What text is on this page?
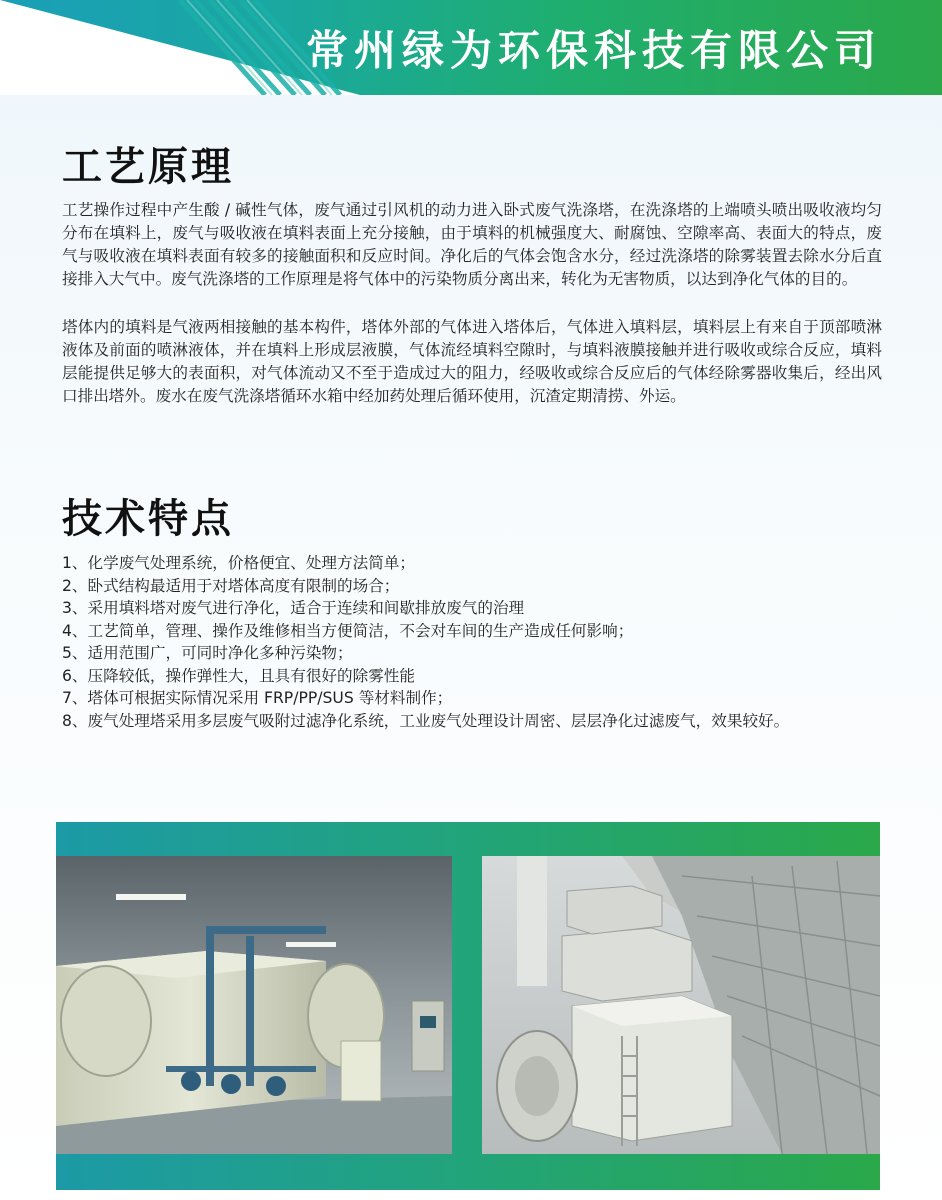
常州绿为环保科技有限公司
工艺原理

工艺操作过程中产生酸 / 碱性气体，废气通过引风机的动力进入卧式废气洗涤塔，在洗涤塔的上端喷头喷出吸收液均匀分布在填料上，废气与吸收液在填料表面上充分接触，由于填料的机械强度大、耐腐蚀、空隙率高、表面大的特点，废气与吸收液在填料表面有较多的接触面积和反应时间。净化后的气体会饱含水分，经过洗涤塔的除雾装置去除水分后直接排入大气中。废气洗涤塔的工作原理是将气体中的污染物质分离出来，转化为无害物质，以达到净化气体的目的。

塔体内的填料是气液两相接触的基本构件，塔体外部的气体进入塔体后，气体进入填料层，填料层上有来自于顶部喷淋液体及前面的喷淋液体，并在填料上形成层液膜，气体流经填料空隙时，与填料液膜接触并进行吸收或综合反应，填料层能提供足够大的表面积，对气体流动又不至于造成过大的阻力，经吸收或综合反应后的气体经除雾器收集后，经出风口排出塔外。废水在废气洗涤塔循环水箱中经加药处理后循环使用，沉渣定期清捞、外运。

技术特点
1、 化学废气处理系统，价格便宜、处理方法简单；
2、 卧式结构最适用于对塔体高度有限制的场合；
3、 采用填料塔对废气进行净化，适合于连续和间歇排放废气的治理
4、 工艺简单，管理、操作及维修相当方便简洁，不会对车间的生产造成任何影响；
5、 适用范围广，可同时净化多种污染物；
6、 压降较低，操作弹性大，且具有很好的除雾性能
7、 塔体可根据实际情况采用 FRP/PP/SUS 等材料制作；
8、 废气处理塔采用多层废气吸附过滤净化系统，工业废气处理设计周密、层层净化过滤废气，效果较好。
